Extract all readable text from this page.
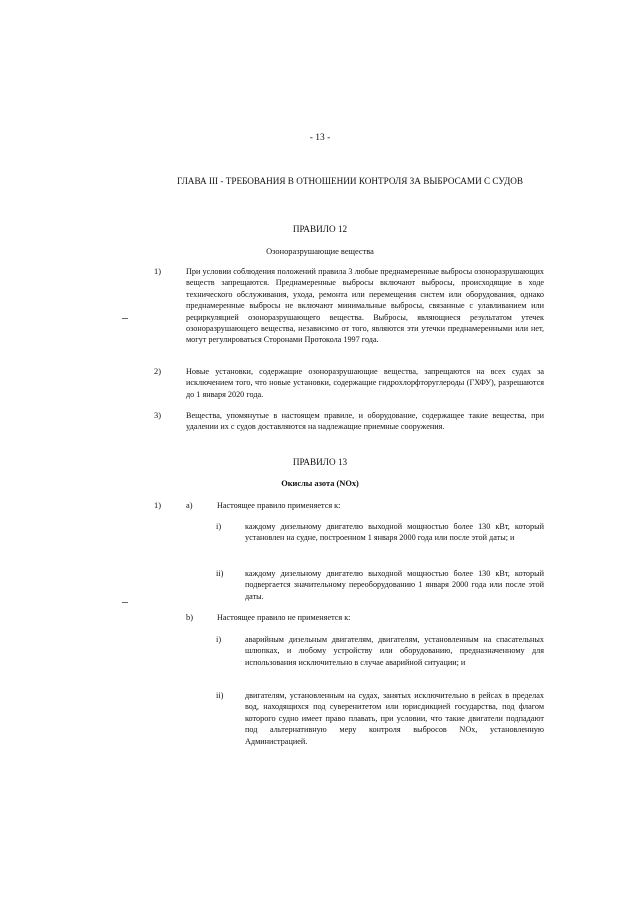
- 13 -
ГЛАВА III - ТРЕБОВАНИЯ В ОТНОШЕНИИ КОНТРОЛЯ ЗА ВЫБРОСАМИ С СУДОВ
ПРАВИЛО 12
Озоноразрушающие вещества
1)	При условии соблюдения положений правила 3 любые преднамеренные выбросы озоноразрушающих веществ запрещаются. Преднамеренные выбросы включают выбросы, происходящие в ходе технического обслуживания, ухода, ремонта или перемещения систем или оборудования, однако преднамеренные выбросы не включают минимальные выбросы, связанные с улавливанием или рециркуляцией озоноразрушающего вещества. Выбросы, являющиеся результатом утечек озоноразрушающего вещества, независимо от того, являются эти утечки преднамеренными или нет, могут регулироваться Сторонами Протокола 1997 года.
2)	Новые установки, содержащие озоноразрушающие вещества, запрещаются на всех судах за исключением того, что новые установки, содержащие гидрохлорфторуглероды (ГХФУ), разрешаются до 1 января 2020 года.
3)	Вещества, упомянутые в настоящем правиле, и оборудование, содержащее такие вещества, при удалении их с судов доставляются на надлежащие приемные сооружения.
ПРАВИЛО 13
Окислы азота (NOx)
1)	a)	Настоящее правило применяется к:
i)	каждому дизельному двигателю выходной мощностью более 130 кВт, который установлен на судне, построенном 1 января 2000 года или после этой даты; и
ii)	каждому дизельному двигателю выходной мощностью более 130 кВт, который подвергается значительному переоборудованию 1 января 2000 года или после этой даты.
b)	Настоящее правило не применяется к:
i)	аварийным дизельным двигателям, двигателям, установленным на спасательных шлюпках, и любому устройству или оборудованию, предназначенному для использования исключительно в случае аварийной ситуации; и
ii)	двигателям, установленным на судах, занятых исключительно в рейсах в пределах вод, находящихся под суверенитетом или юрисдикцией государства, под флагом которого судно имеет право плавать, при условии, что такие двигатели подпадают под альтернативную меру контроля выбросов NOx, установленную Администрацией.
